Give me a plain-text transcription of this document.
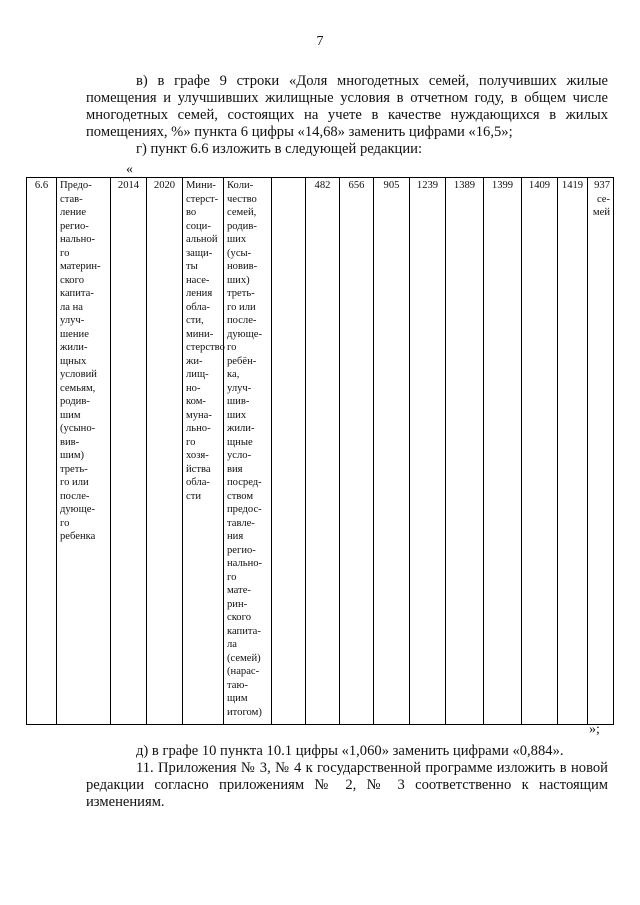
7
в) в графе 9 строки «Доля многодетных семей, получивших жилые помещения и улучшивших жилищные условия в отчетном году, в общем числе многодетных семей, состоящих на учете в качестве нуждающихся в жилых помещениях, %» пункта 6 цифры «14,68» заменить цифрами «16,5»;
г) пункт 6.6 изложить в следующей редакции:
«
6.6	Предо-
став-
ление
регио-
нально-
го
материн-
ского
капита-
ла на
улуч-
шение
жили-
щных
условий
семьям,
родив-
шим
(усыно-
вив-
шим)
треть-
го или
после-
дующе-
го
ребенка	2014	2020	Мини-
стерст-
во
соци-
альной
защи-
ты
насе-
ления
обла-
сти,
мини-
стерство
жи-
лищ-
но-
ком-
муна-
льно-
го
хозя-
йства
обла-
сти	Коли-
чество
семей,
родив-
ших
(усы-
новив-
ших)
треть-
го или
после-
дующе-
го
ребён-
ка,
улуч-
шив-
ших
жили-
щные
усло-
вия
посред-
ством
предос-
тавле-
ния
регио-
нально-
го
мате-
рин-
ского
капита-
ла
(семей)
(нарас-
таю-
щим
итогом)		482	656	905	1239	1389	1399	1409	1419	937
се-
мей
»;
д) в графе 10 пункта 10.1 цифры «1,060» заменить цифрами «0,884».
11. Приложения № 3, № 4 к государственной программе изложить в новой редакции согласно приложениям № 2, № 3 соответственно к настоящим изменениям.
